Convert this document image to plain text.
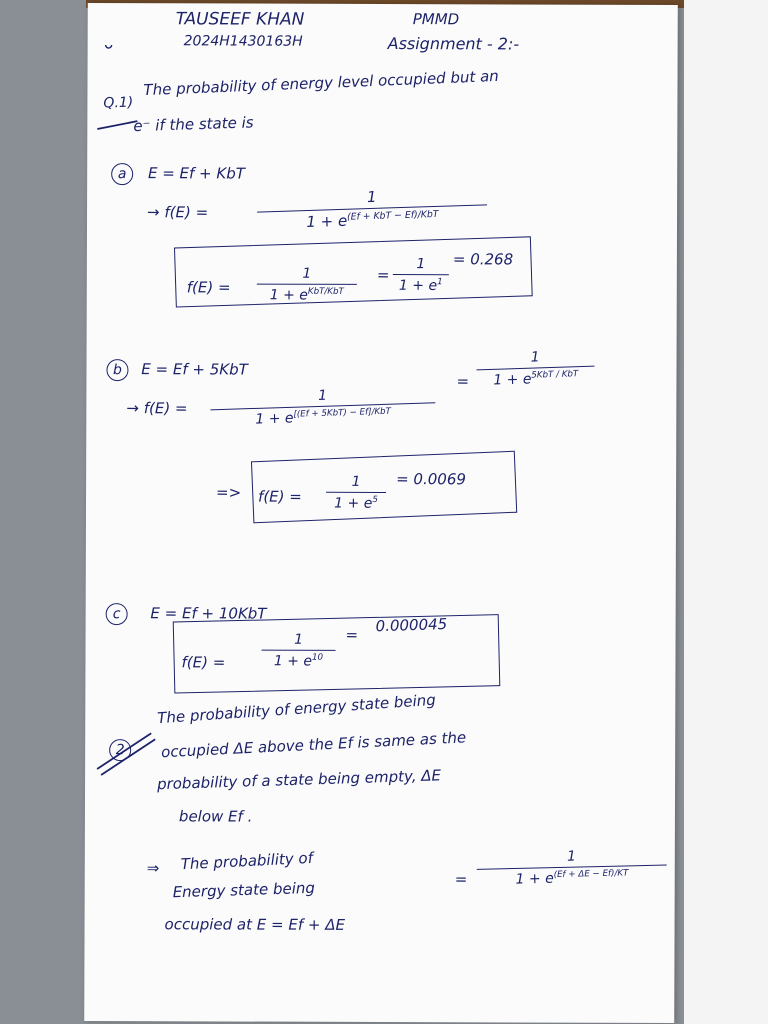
TAUSEEF KHAN
2024H1430163H
PMMD
Assignment - 2:-
Q.1)
The probability of energy level occupied but an
e⁻ if the state is
a E = Ef + KbT
→ f(E) =
1
$1 + e^{(Ef + KbT - Ef)/KbT}$
f(E) =
1
$1 + e^{KbT/KbT}$
=
1
$1 + e^1$
= 0.268
b E = Ef + 5KbT
→ f(E) =
1
$1 + e^{[(Ef + 5KbT) - Ef]/KbT}$
=
1
$1 + e^{5KbT / KbT}$
=> f(E) =
1
$1 + e^5$
= 0.0069
c E = Ef + 10KbT
f(E) =
1
$1 + e^{10}$
= 0.000045
2
The probability of energy state being
occupied ΔE above the Ef is same as the
probability of a state being empty, ΔE
below Ef .
⇒ The probability of
Energy state being
occupied at E = Ef + ΔE
=
1
$1 + e^{(Ef + \Delta E - Ef)/KT}$
